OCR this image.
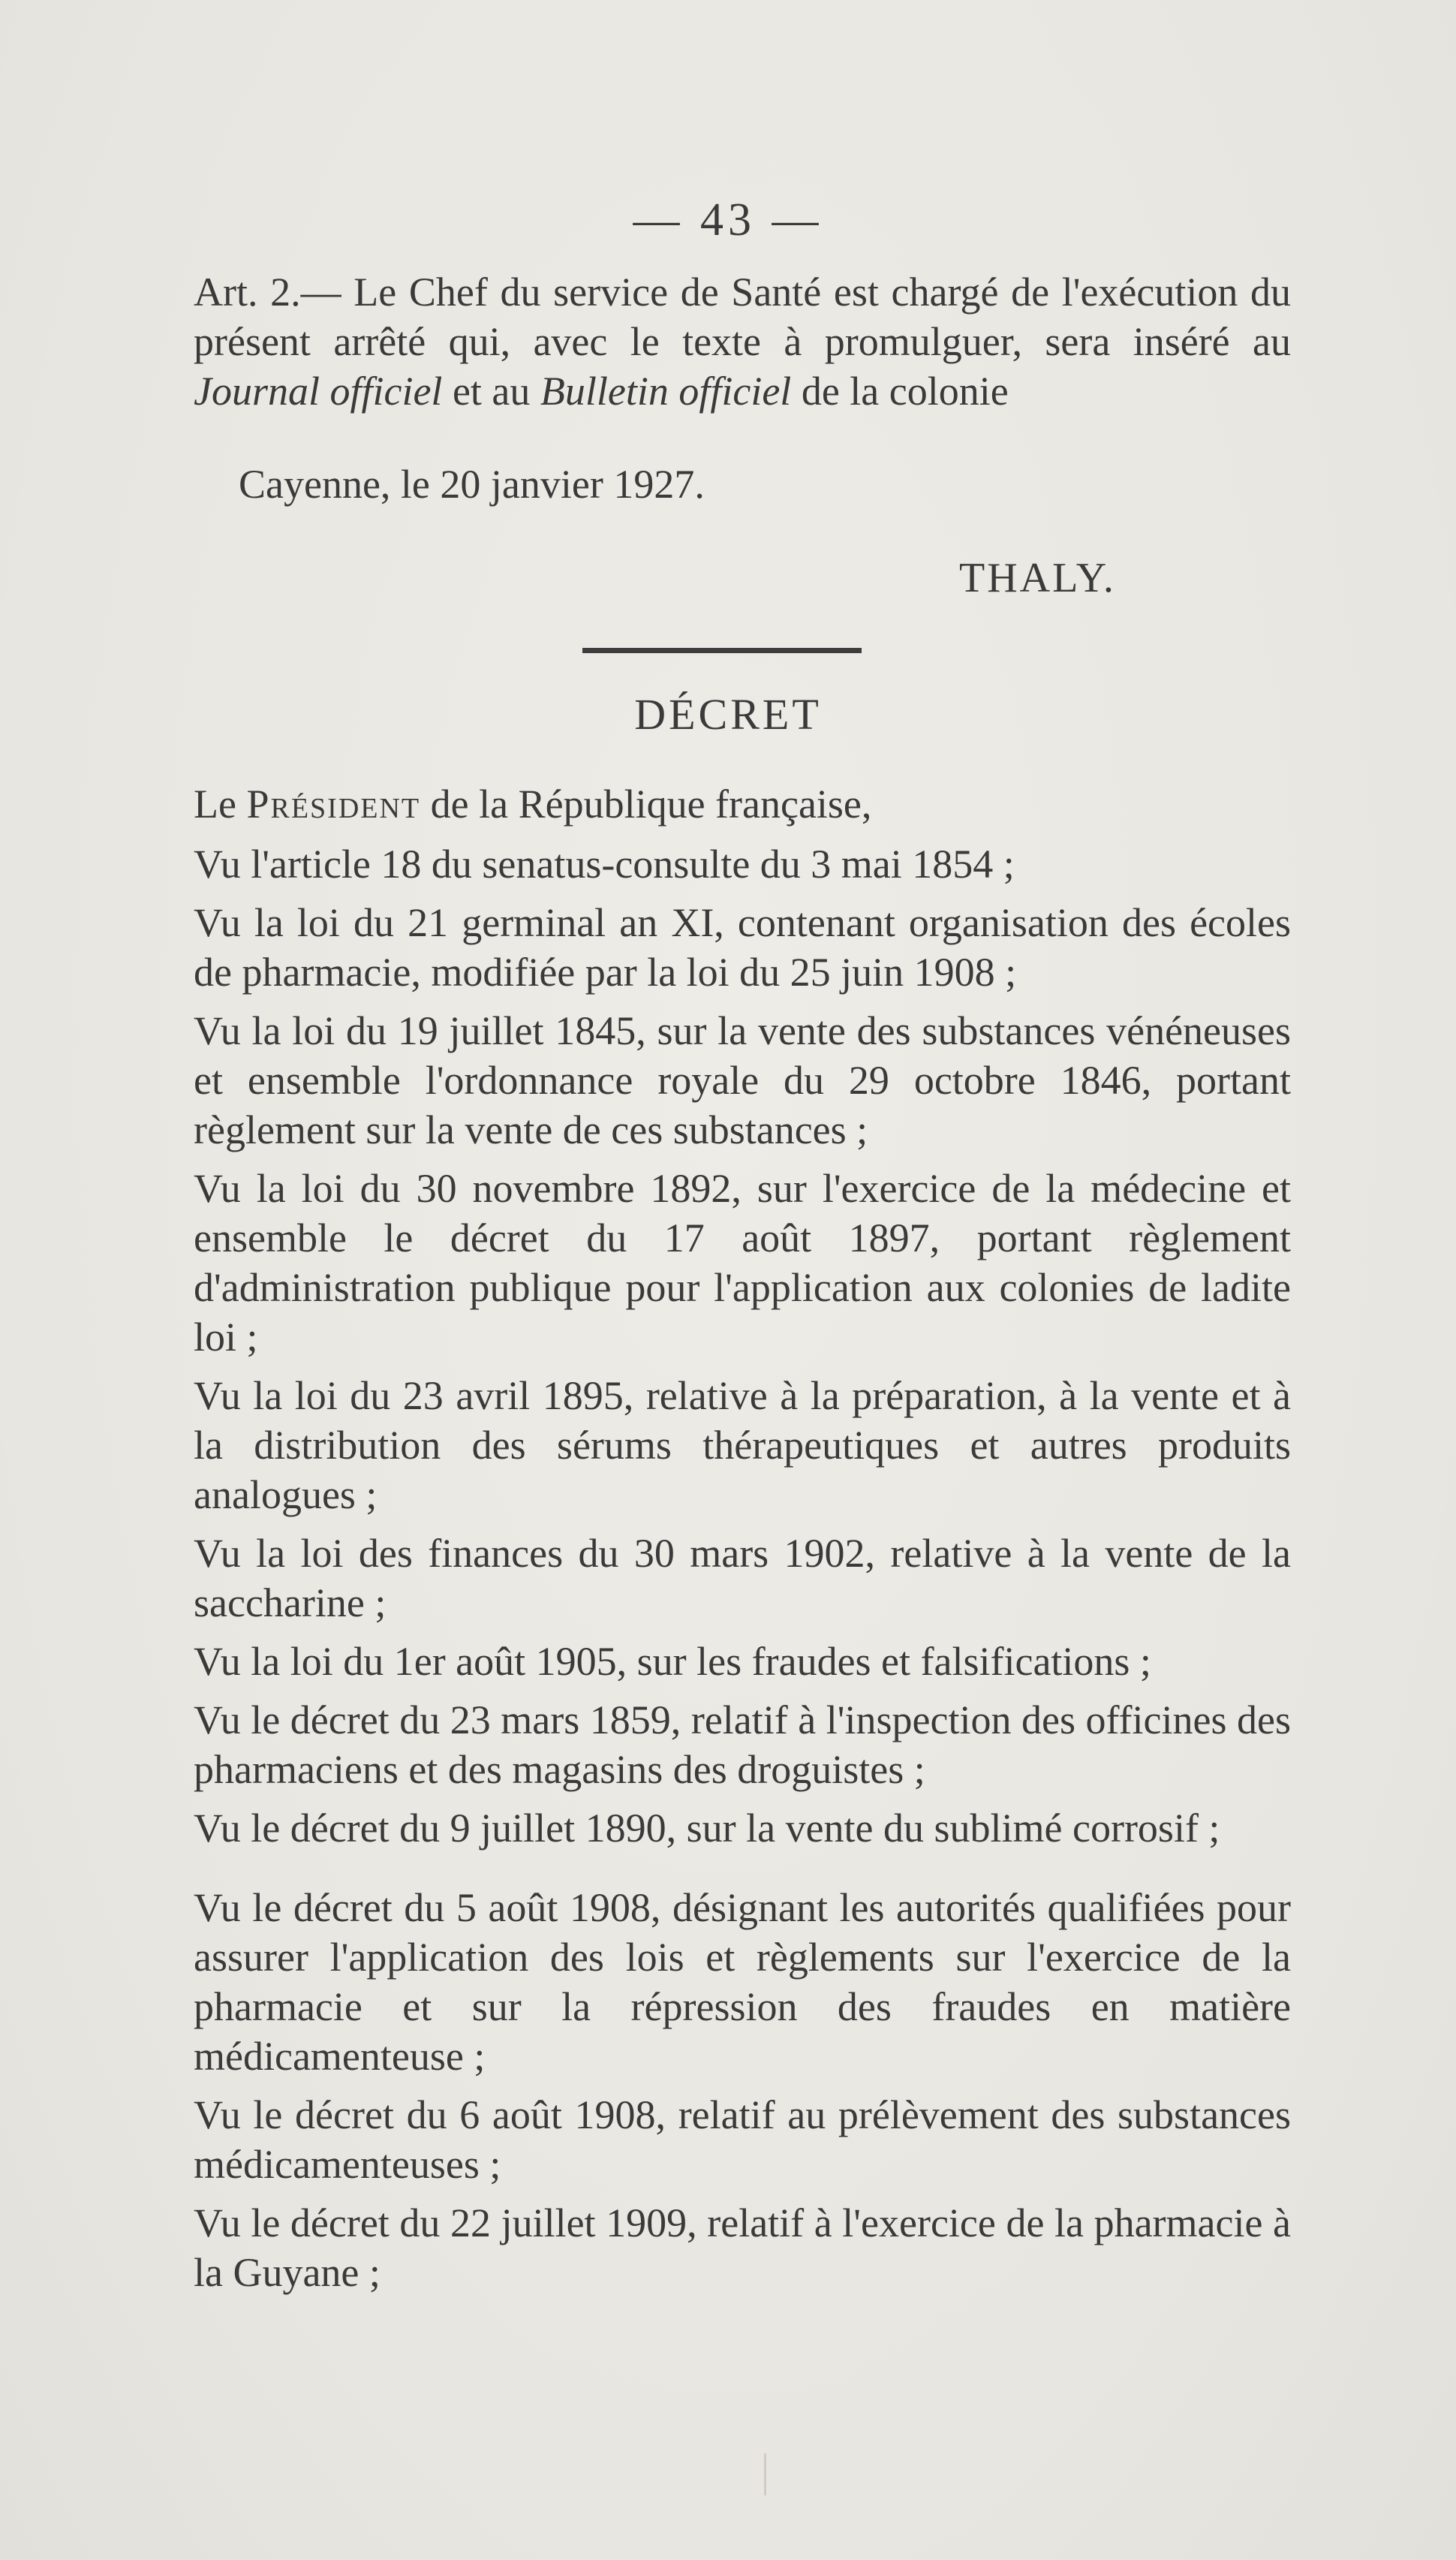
— 43 —

Art. 2.— Le Chef du service de Santé est chargé de l'exécution du présent arrêté qui, avec le texte à promulguer, sera inséré au Journal officiel et au Bulletin officiel de la colonie

Cayenne, le 20 janvier 1927.

THALY.
DÉCRET

Le Président de la République française,

Vu l'article 18 du senatus-consulte du 3 mai 1854 ;

Vu la loi du 21 germinal an XI, contenant organisation des écoles de pharmacie, modifiée par la loi du 25 juin 1908 ;

Vu la loi du 19 juillet 1845, sur la vente des substances vénéneuses et ensemble l'ordonnance royale du 29 octobre 1846, portant règlement sur la vente de ces substances ;

Vu la loi du 30 novembre 1892, sur l'exercice de la médecine et ensemble le décret du 17 août 1897, portant règlement d'administration publique pour l'application aux colonies de ladite loi ;

Vu la loi du 23 avril 1895, relative à la préparation, à la vente et à la distribution des sérums thérapeutiques et autres produits analogues ;

Vu la loi des finances du 30 mars 1902, relative à la vente de la saccharine ;

Vu la loi du 1er août 1905, sur les fraudes et falsifications ;

Vu le décret du 23 mars 1859, relatif à l'inspection des officines des pharmaciens et des magasins des droguistes ;

Vu le décret du 9 juillet 1890, sur la vente du sublimé corrosif ;

Vu le décret du 5 août 1908, désignant les autorités qualifiées pour assurer l'application des lois et règlements sur l'exercice de la pharmacie et sur la répression des fraudes en matière médicamenteuse ;

Vu le décret du 6 août 1908, relatif au prélèvement des substances médicamenteuses ;

Vu le décret du 22 juillet 1909, relatif à l'exercice de la pharmacie à la Guyane ;
